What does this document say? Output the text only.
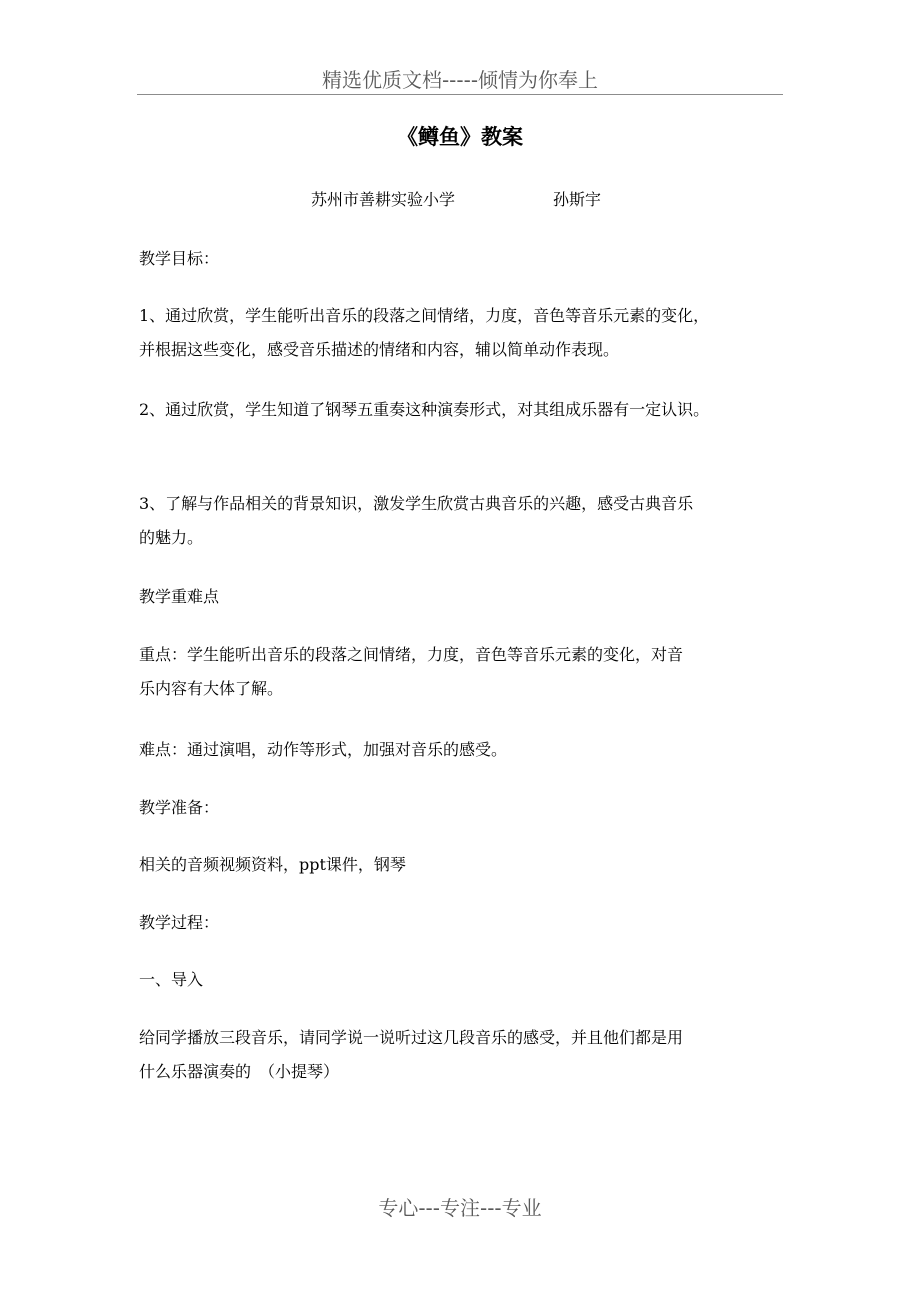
精选优质文档-----倾情为你奉上
《鳟鱼》教案
苏州市善耕实验小学	孙斯宇
教学目标：
1、通过欣赏，学生能听出音乐的段落之间情绪，力度，音色等音乐元素的变化，
并根据这些变化，感受音乐描述的情绪和内容，辅以简单动作表现。
2、通过欣赏，学生知道了钢琴五重奏这种演奏形式，对其组成乐器有一定认识。
3、了解与作品相关的背景知识，激发学生欣赏古典音乐的兴趣，感受古典音乐
的魅力。
教学重难点
重点：学生能听出音乐的段落之间情绪，力度，音色等音乐元素的变化，对音
乐内容有大体了解。
难点：通过演唱，动作等形式，加强对音乐的感受。
教学准备：
相关的音频视频资料，ppt课件，钢琴
教学过程：
一、导入
给同学播放三段音乐，请同学说一说听过这几段音乐的感受，并且他们都是用
什么乐器演奏的　（小提琴）
专心---专注---专业
